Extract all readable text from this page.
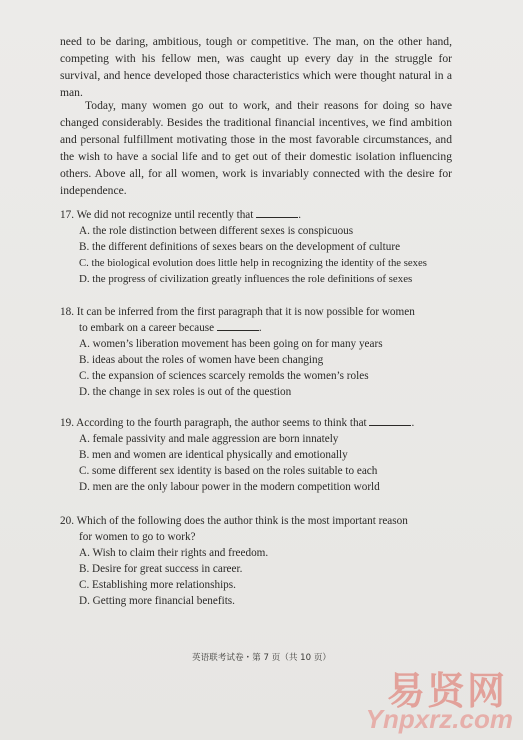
need to be daring, ambitious, tough or competitive. The man, on the other hand, competing with his fellow men, was caught up every day in the struggle for survival, and hence developed those characteristics which were thought natural in a man.

Today, many women go out to work, and their reasons for doing so have changed considerably. Besides the traditional financial incentives, we find ambition and personal fulfillment motivating those in the most favorable circumstances, and the wish to have a social life and to get out of their domestic isolation influencing others. Above all, for all women, work is invariably connected with the desire for independence.

17. We did not recognize until recently that	.

A. the role distinction between different sexes is conspicuous

B. the different definitions of sexes bears on the development of culture

C. the biological evolution does little help in recognizing the identity of the sexes

D. the progress of civilization greatly influences the role definitions of sexes

18. It can be inferred from the first paragraph that it is now possible for women
to embark on a career because	.

A. women’s liberation movement has been going on for many years

B. ideas about the roles of women have been changing

C. the expansion of sciences scarcely remolds the women’s roles

D. the change in sex roles is out of the question

19. According to the fourth paragraph, the author seems to think that	.

A. female passivity and male aggression are born innately

B. men and women are identical physically and emotionally

C. some different sex identity is based on the roles suitable to each

D. men are the only labour power in the modern competition world

20. Which of the following does the author think is the most important reason
for women to go to work?

A. Wish to claim their rights and freedom.

B. Desire for great success in career.

C. Establishing more relationships.

D. Getting more financial benefits.

英语联考试卷・第 7 页（共 10 页）
易贤网
Ynpxrz.com
